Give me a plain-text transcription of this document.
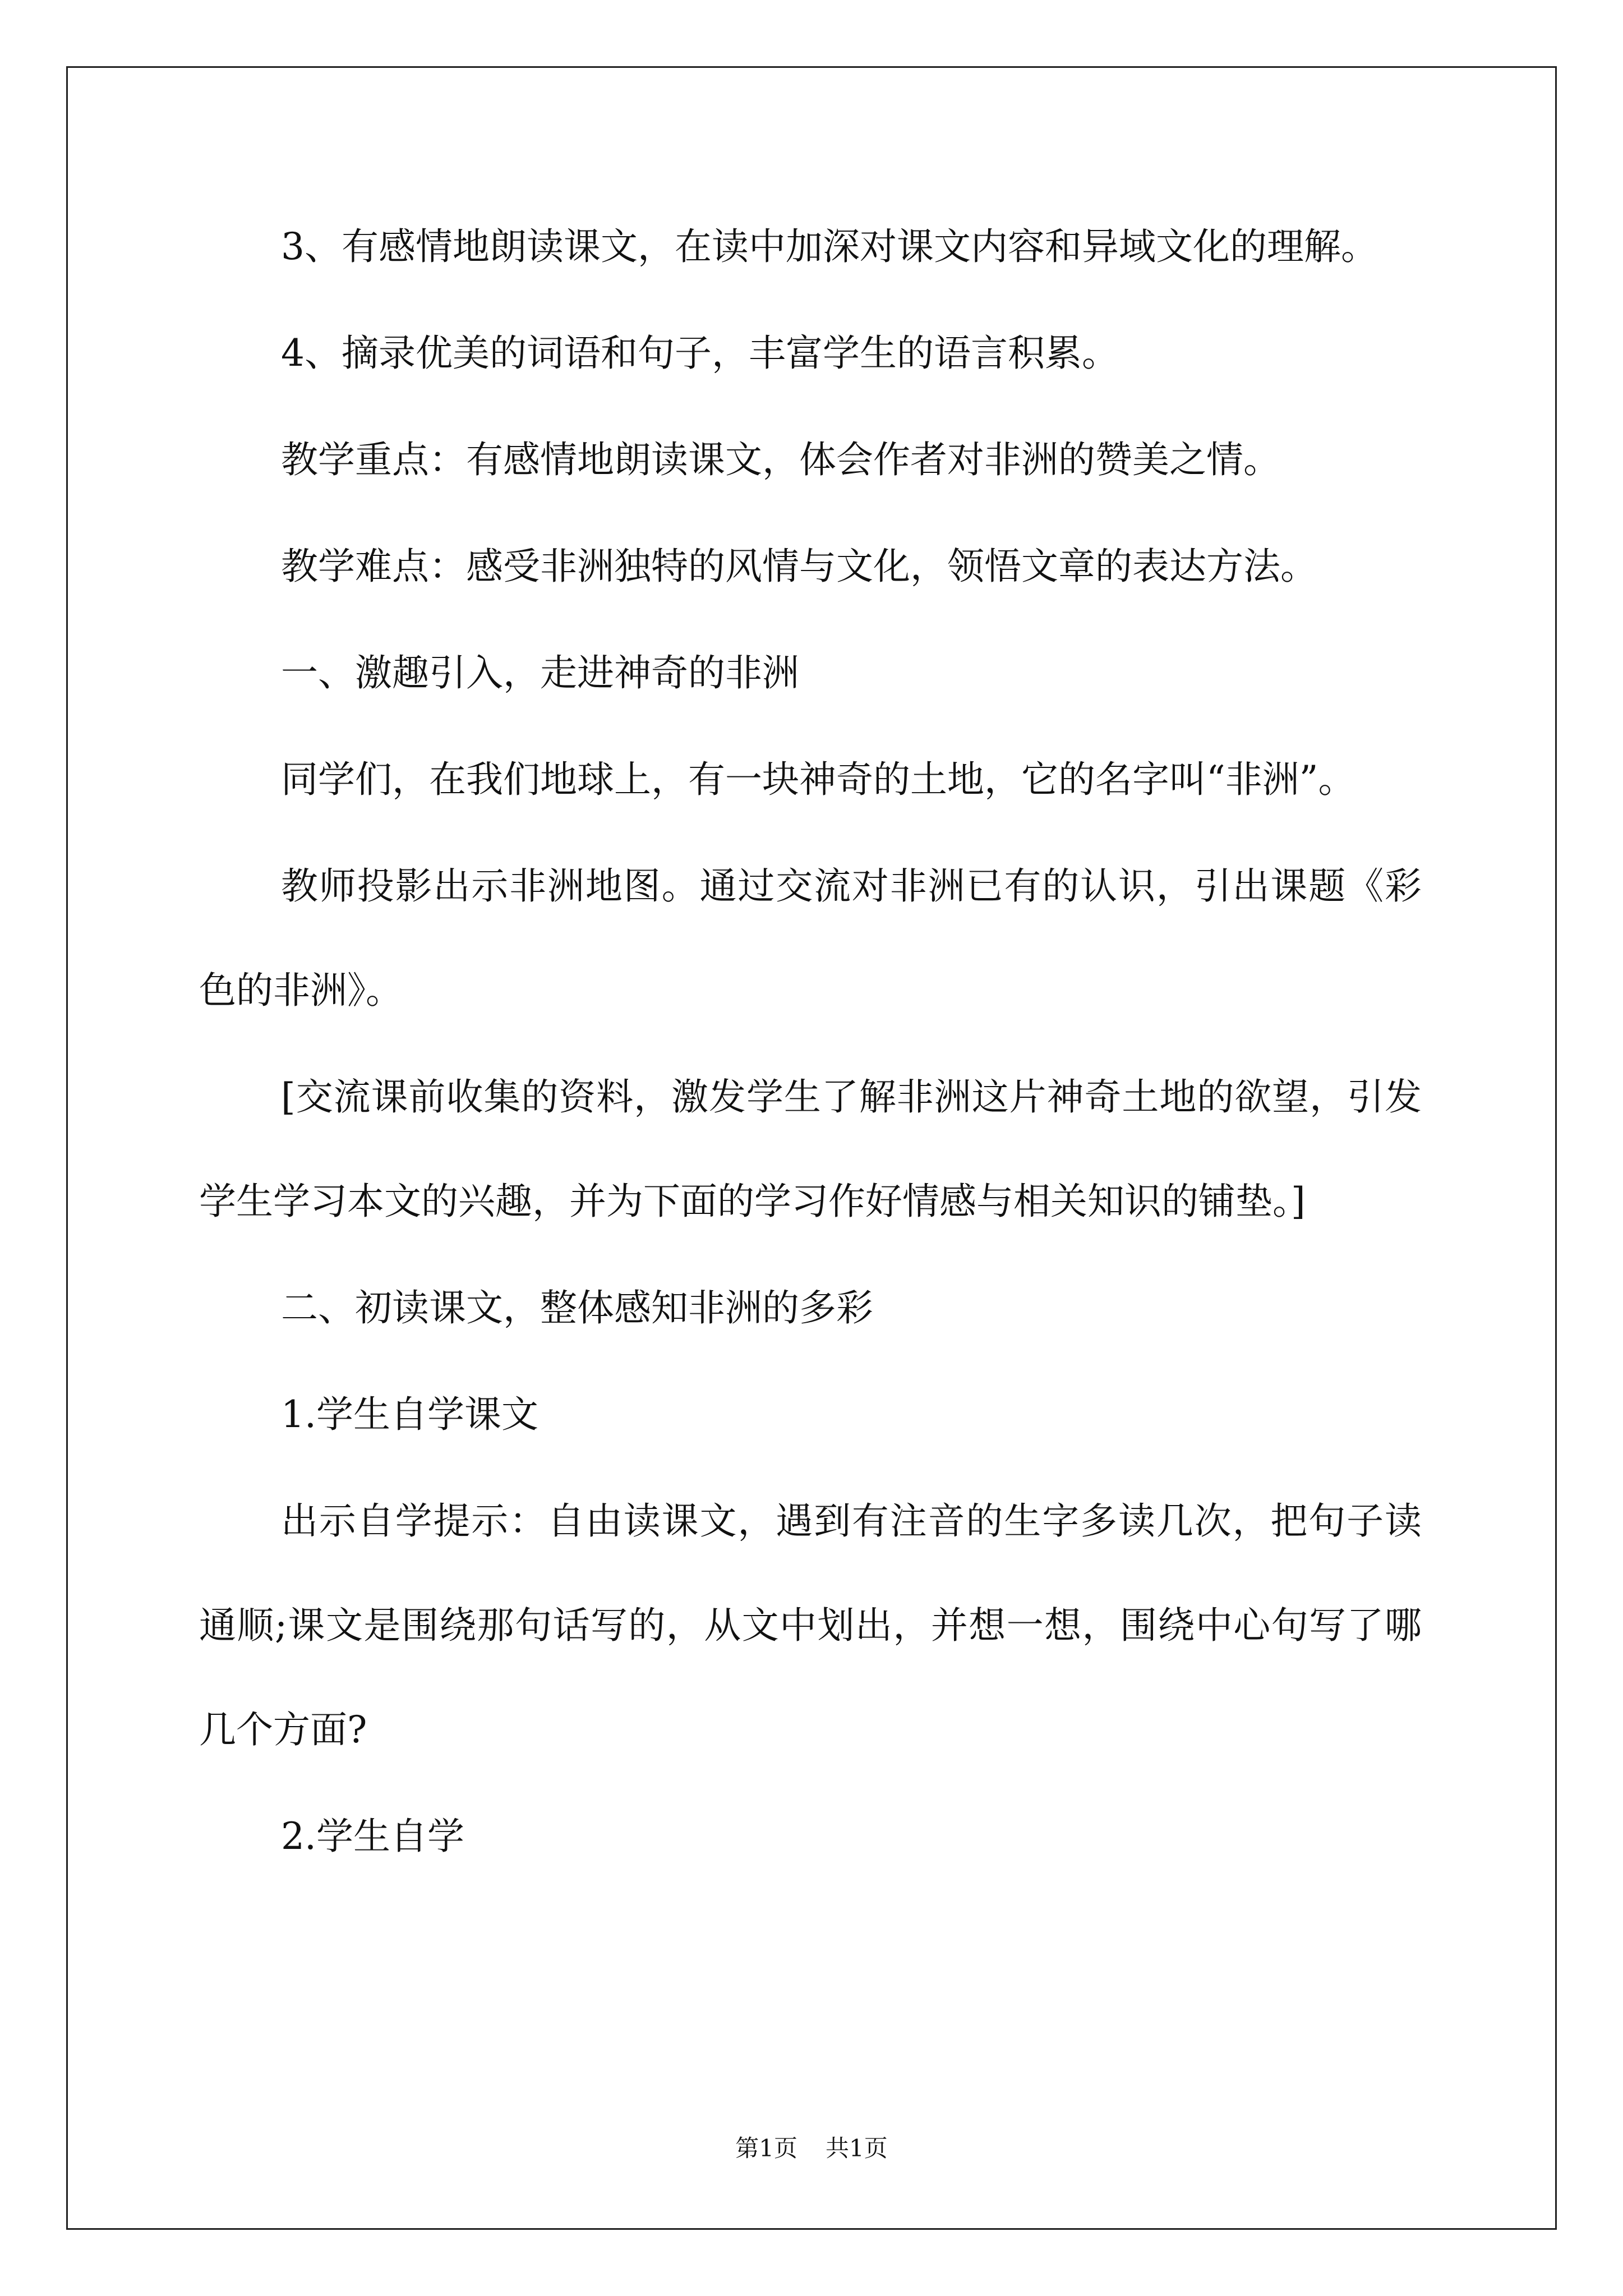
3、有感情地朗读课文，在读中加深对课文内容和异域文化的理解。

4、摘录优美的词语和句子，丰富学生的语言积累。

教学重点：有感情地朗读课文，体会作者对非洲的赞美之情。

教学难点：感受非洲独特的风情与文化，领悟文章的表达方法。

一、激趣引入，走进神奇的非洲

同学们，在我们地球上，有一块神奇的土地，它的名字叫“非洲”。

教师投影出示非洲地图。通过交流对非洲已有的认识，引出课题《彩色的非洲》。

[交流课前收集的资料，激发学生了解非洲这片神奇土地的欲望，引发学生学习本文的兴趣，并为下面的学习作好情感与相关知识的铺垫。]

二、初读课文，整体感知非洲的多彩

1.学生自学课文

出示自学提示：自由读课文，遇到有注音的生字多读几次，把句子读通顺;课文是围绕那句话写的，从文中划出，并想一想，围绕中心句写了哪几个方面?

2.学生自学

第1页 共1页
